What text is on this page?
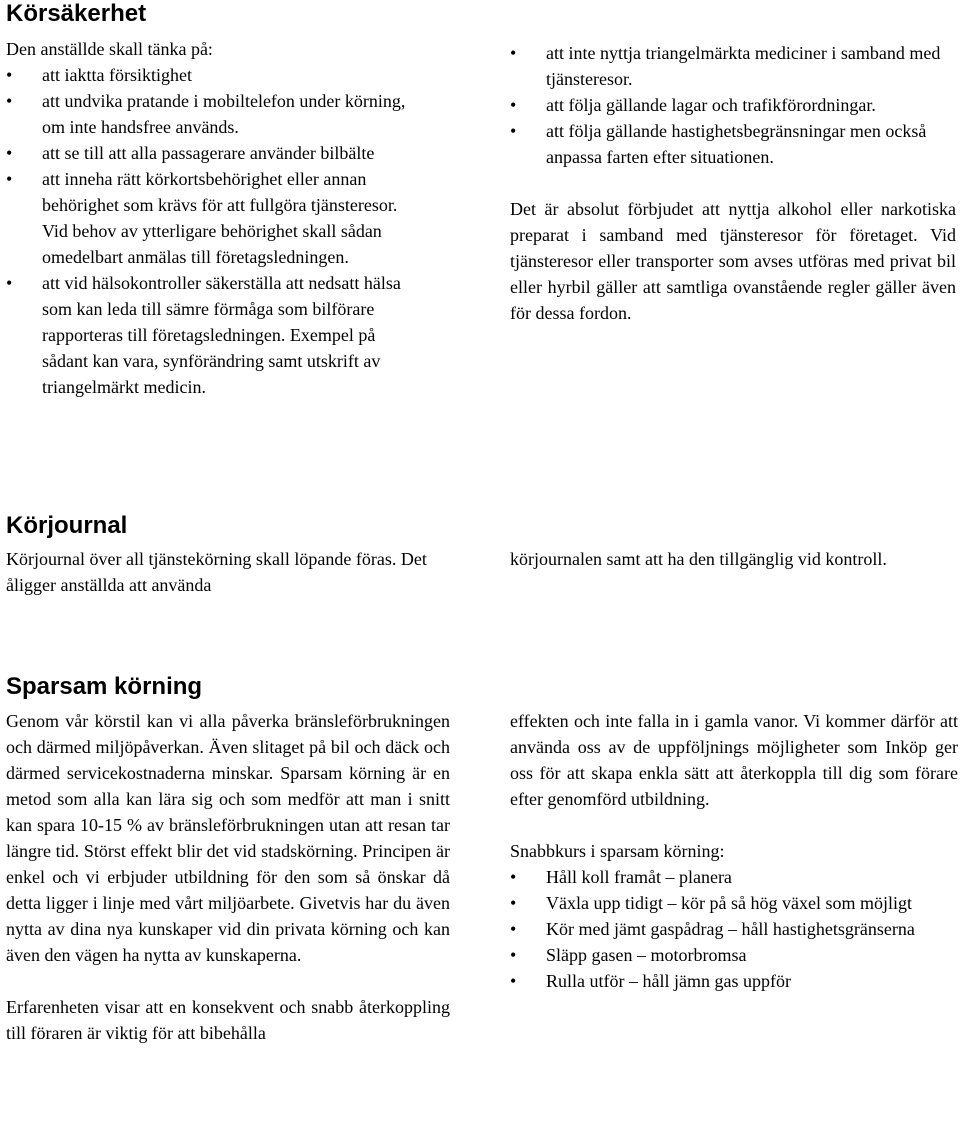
Körsäkerhet

Den anställde skall tänka på:

• att iaktta försiktighet
• att undvika pratande i mobiltelefon under körning, om inte handsfree används.
• att se till att alla passagerare använder bilbälte
• att inneha rätt körkortsbehörighet eller annan behörighet som krävs för att fullgöra tjänsteresor. Vid behov av ytterligare behörighet skall sådan omedelbart anmälas till företagsledningen.
• att vid hälsokontroller säkerställa att nedsatt hälsa som kan leda till sämre förmåga som bilförare rapporteras till företagsledningen. Exempel på sådant kan vara, synförändring samt utskrift av triangelmärkt medicin.
• att inte nyttja triangelmärkta mediciner i samband med tjänsteresor.
• att följa gällande lagar och trafikförordningar.
• att följa gällande hastighetsbegränsningar men också anpassa farten efter situationen.

Det är absolut förbjudet att nyttja alkohol eller narkotiska preparat i samband med tjänsteresor för företaget. Vid tjänsteresor eller transporter som avses utföras med privat bil eller hyrbil gäller att samtliga ovanstående regler gäller även för dessa fordon.

Körjournal

Körjournal över all tjänstekörning skall löpande föras. Det åligger anställda att använda

körjournalen samt att ha den tillgänglig vid kontroll.

Sparsam körning

Genom vår körstil kan vi alla påverka bränsleförbrukningen och därmed miljöpåverkan. Även slitaget på bil och däck och därmed servicekostnaderna minskar. Sparsam körning är en metod som alla kan lära sig och som medför att man i snitt kan spara 10-15 % av bränsleförbrukningen utan att resan tar längre tid. Störst effekt blir det vid stadskörning. Principen är enkel och vi erbjuder utbildning för den som så önskar då detta ligger i linje med vårt miljöarbete. Givetvis har du även nytta av dina nya kunskaper vid din privata körning och kan även den vägen ha nytta av kunskaperna.

Erfarenheten visar att en konsekvent och snabb återkoppling till föraren är viktig för att bibehålla

effekten och inte falla in i gamla vanor. Vi kommer därför att använda oss av de uppföljnings möjligheter som Inköp ger oss för att skapa enkla sätt att återkoppla till dig som förare efter genomförd utbildning.

Snabbkurs i sparsam körning:

• Håll koll framåt – planera
• Växla upp tidigt – kör på så hög växel som möjligt
• Kör med jämt gaspådrag – håll hastighetsgränserna
• Släpp gasen – motorbromsa
• Rulla utför – håll jämn gas uppför
